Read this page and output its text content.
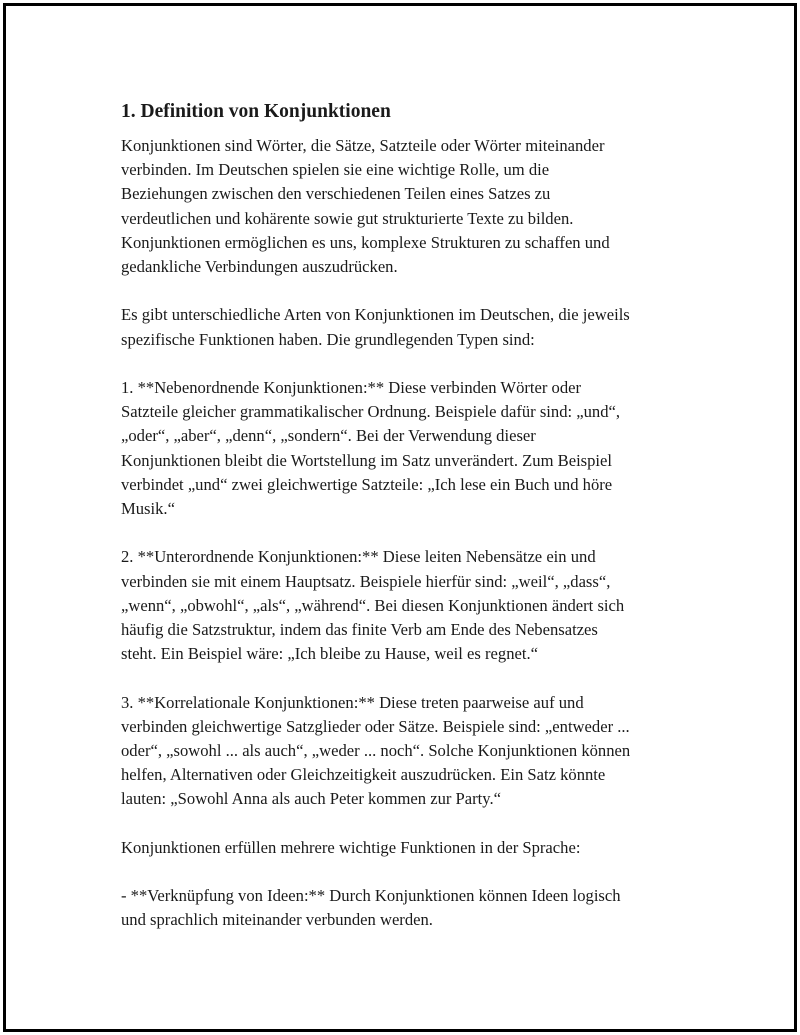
1. Definition von Konjunktionen

Konjunktionen sind Wörter, die Sätze, Satzteile oder Wörter miteinander
verbinden. Im Deutschen spielen sie eine wichtige Rolle, um die
Beziehungen zwischen den verschiedenen Teilen eines Satzes zu
verdeutlichen und kohärente sowie gut strukturierte Texte zu bilden.
Konjunktionen ermöglichen es uns, komplexe Strukturen zu schaffen und
gedankliche Verbindungen auszudrücken.

Es gibt unterschiedliche Arten von Konjunktionen im Deutschen, die jeweils
spezifische Funktionen haben. Die grundlegenden Typen sind:

1. **Nebenordnende Konjunktionen:** Diese verbinden Wörter oder
Satzteile gleicher grammatikalischer Ordnung. Beispiele dafür sind: „und“,
„oder“, „aber“, „denn“, „sondern“. Bei der Verwendung dieser
Konjunktionen bleibt die Wortstellung im Satz unverändert. Zum Beispiel
verbindet „und“ zwei gleichwertige Satzteile: „Ich lese ein Buch und höre
Musik.“

2. **Unterordnende Konjunktionen:** Diese leiten Nebensätze ein und
verbinden sie mit einem Hauptsatz. Beispiele hierfür sind: „weil“, „dass“,
„wenn“, „obwohl“, „als“, „während“. Bei diesen Konjunktionen ändert sich
häufig die Satzstruktur, indem das finite Verb am Ende des Nebensatzes
steht. Ein Beispiel wäre: „Ich bleibe zu Hause, weil es regnet.“

3. **Korrelationale Konjunktionen:** Diese treten paarweise auf und
verbinden gleichwertige Satzglieder oder Sätze. Beispiele sind: „entweder ...
oder“, „sowohl ... als auch“, „weder ... noch“. Solche Konjunktionen können
helfen, Alternativen oder Gleichzeitigkeit auszudrücken. Ein Satz könnte
lauten: „Sowohl Anna als auch Peter kommen zur Party.“

Konjunktionen erfüllen mehrere wichtige Funktionen in der Sprache:

- **Verknüpfung von Ideen:** Durch Konjunktionen können Ideen logisch
und sprachlich miteinander verbunden werden.
